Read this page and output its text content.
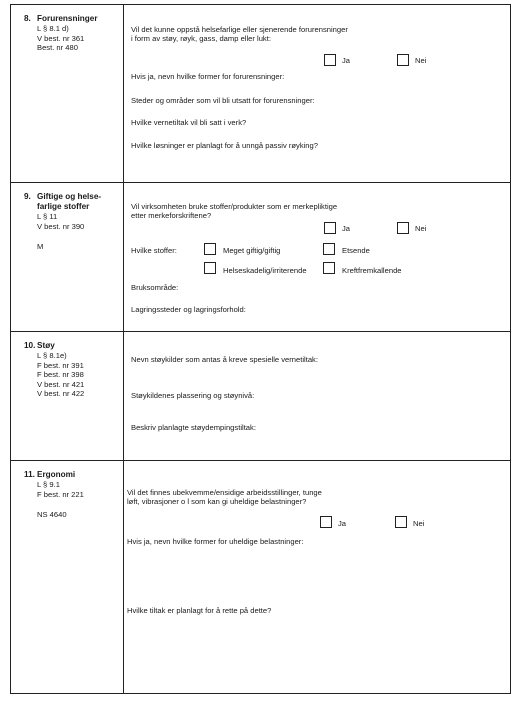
8. Forurensninger
L § 8.1 d)
V best. nr 361
Best. nr 480
Vil det kunne oppstå helsefarlige eller sjenerende forurensninger
i form av støy, røyk, gass, damp eller lukt:
Ja	Nei
Hvis ja, nevn hvilke former for forurensninger:
Steder og områder som vil bli utsatt for forurensninger:
Hvilke vernetiltak vil bli satt i verk?
Hvilke løsninger er planlagt for å unngå passiv røyking?
9. Giftige og helse-
farlige stoffer
L § 11
V best. nr 390
M
Vil virksomheten bruke stoffer/produkter som er merkepliktige
etter merkeforskriftene?
Ja	Nei
Hvilke stoffer:	Meget giftig/giftig	Etsende
Helseskadelig/irriterende	Kreftfremkallende
Bruksområde:
Lagringssteder og lagringsforhold:
10. Støy
L § 8.1e)
F best. nr 391
F best. nr 398
V best. nr 421
V best. nr 422
Nevn støykilder som antas å kreve spesielle vernetiltak:
Støykildenes plassering og støynivå:
Beskriv planlagte støydempingstiltak:
11. Ergonomi
L § 9.1
F best. nr 221
NS 4640
Vil det finnes ubekvemme/ensidige arbeidsstillinger, tunge
løft, vibrasjoner o l som kan gi uheldige belastninger?
Ja	Nei
Hvis ja, nevn hvilke former for uheldige belastninger:
Hvilke tiltak er planlagt for å rette på dette?
